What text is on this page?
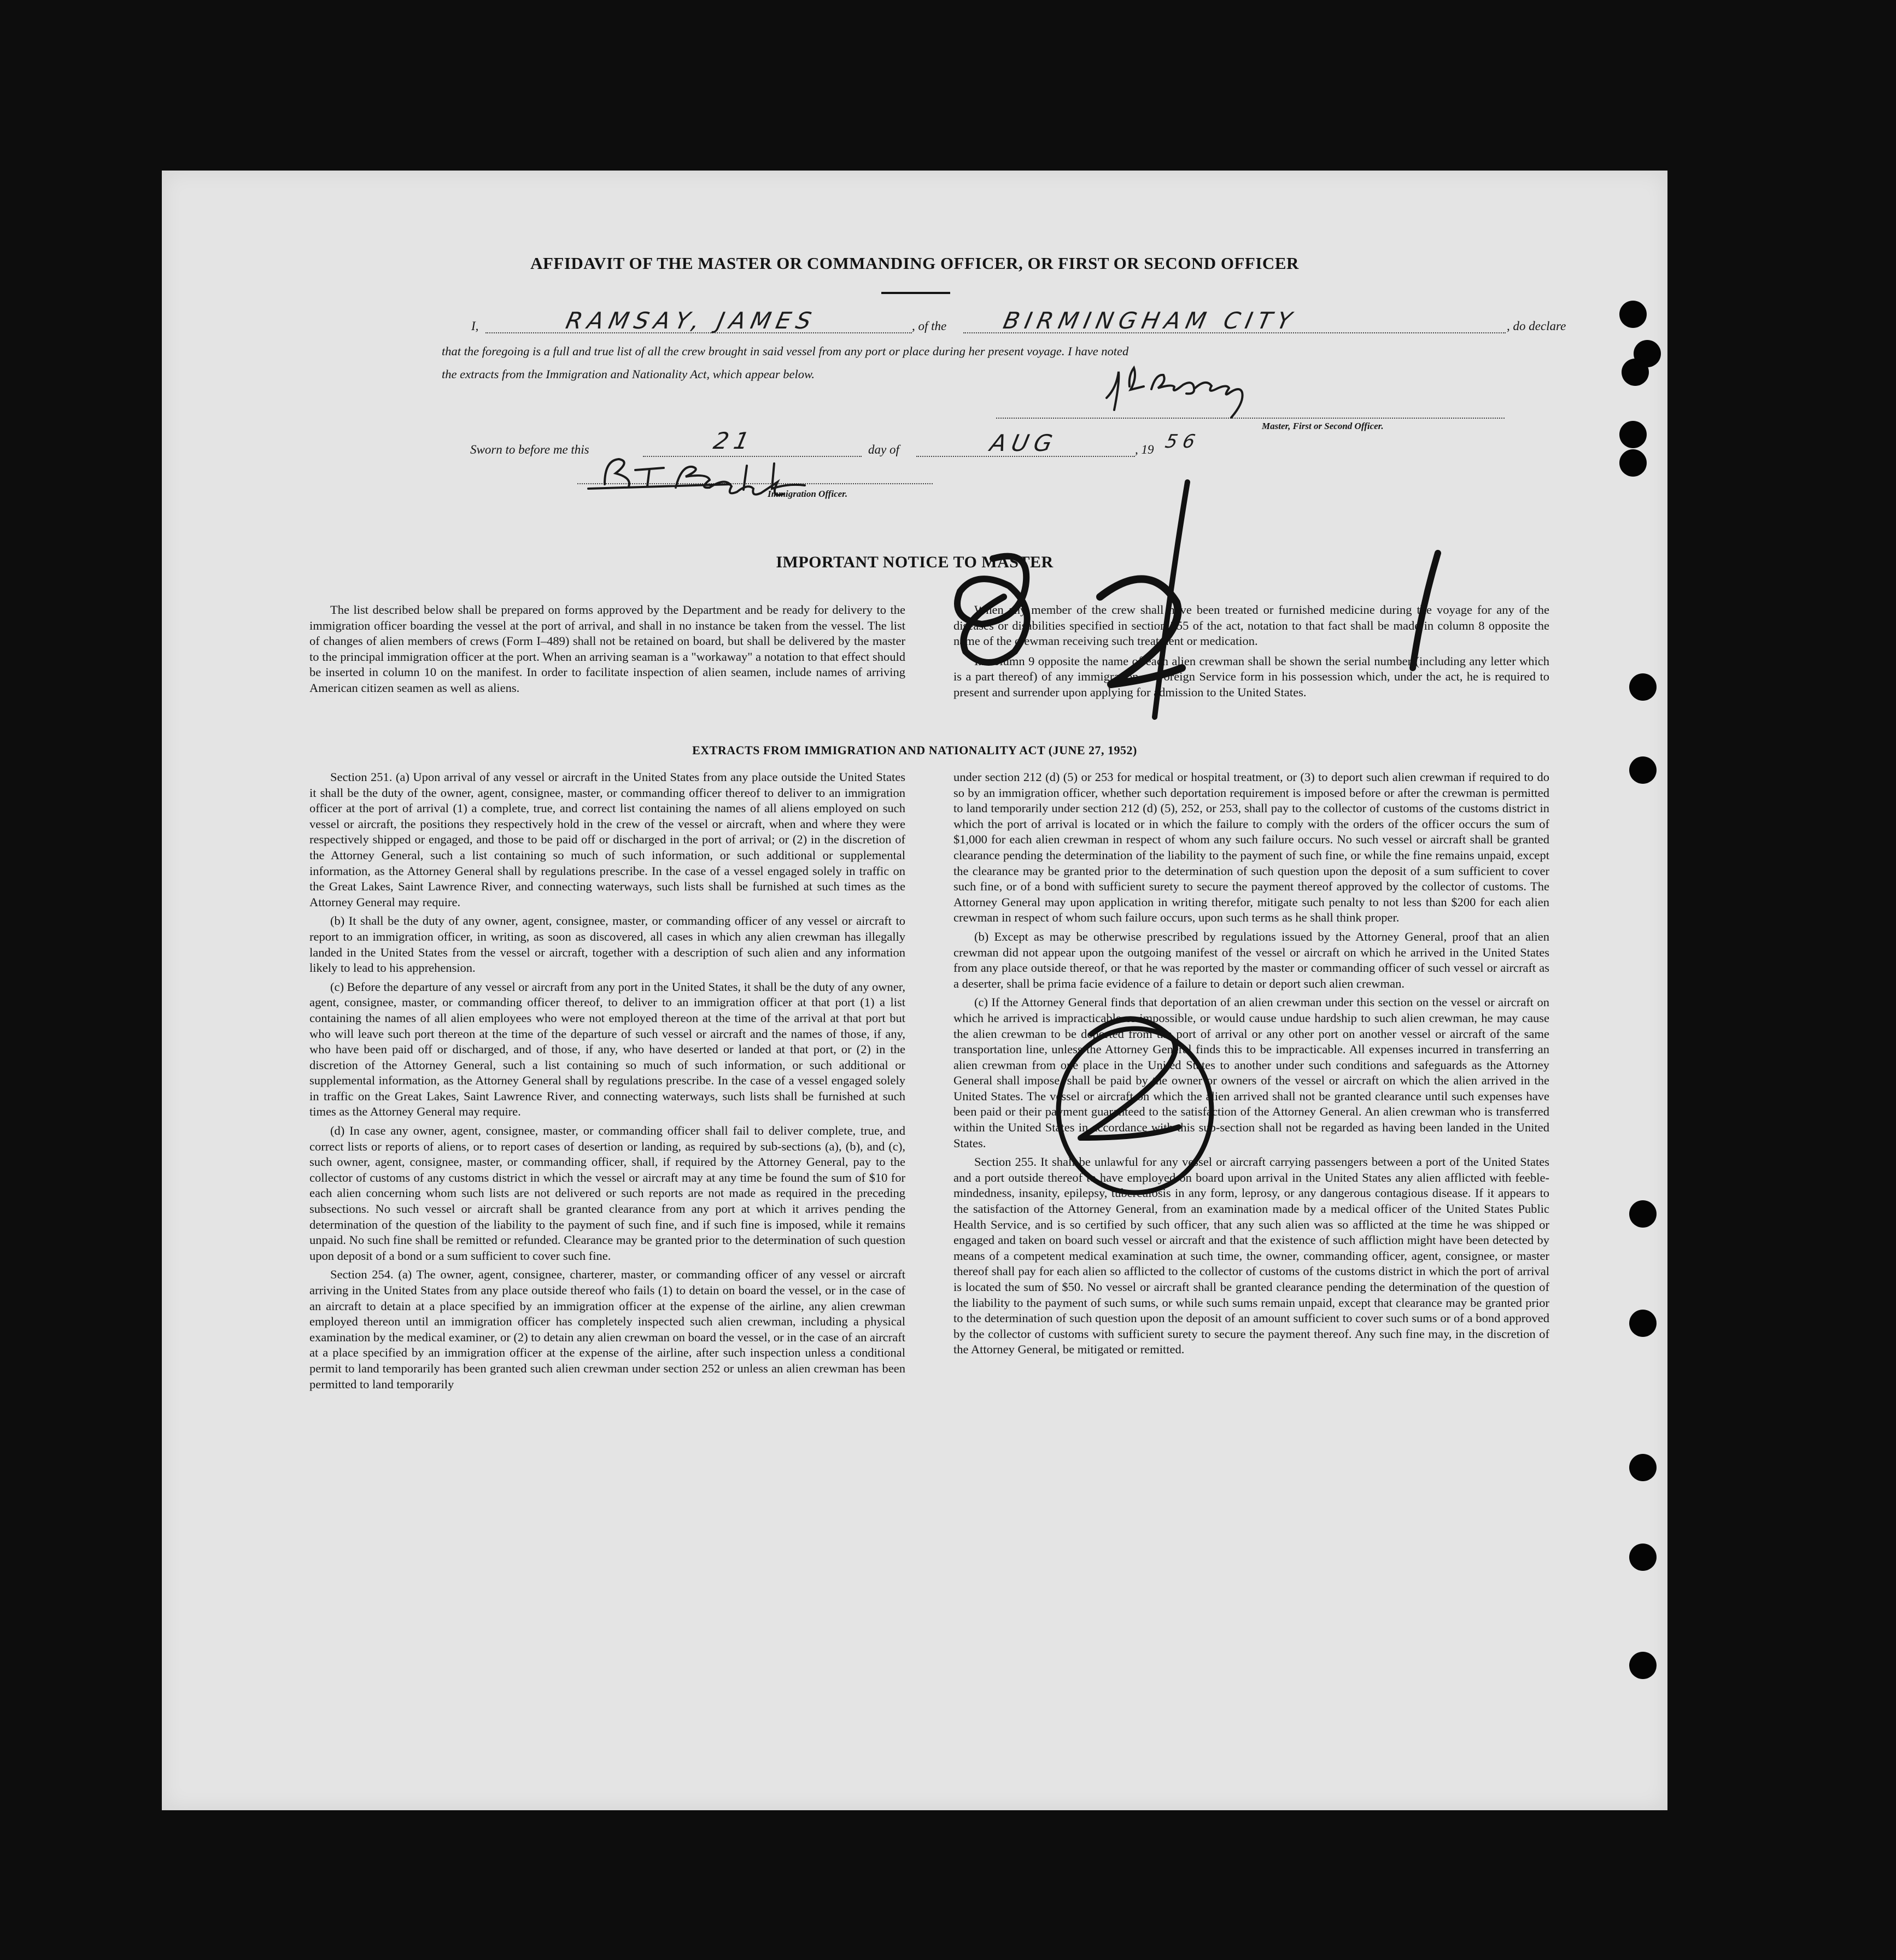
AFFIDAVIT OF THE MASTER OR COMMANDING OFFICER, OR FIRST OR SECOND OFFICER
I,	RAMSAY, JAMES	, of the BIRMINGHAM CITY	, do declare
that the foregoing is a full and true list of all the crew brought in said vessel from any port or place during her present voyage. I have noted
the extracts from the Immigration and Nationality Act, which appear below.
Master, First or Second Officer.
Sworn to before me this	21	day of	AUG	, 19 56
Immigration Officer.
IMPORTANT NOTICE TO MASTER

The list described below shall be prepared on forms approved by the Department and be ready for delivery to the immigration officer boarding the vessel at the port of arrival, and shall in no instance be taken from the vessel. The list of changes of alien members of crews (Form I–489) shall not be retained on board, but shall be delivered by the master to the principal immigration officer at the port. When an arriving seaman is a "workaway" a notation to that effect should be inserted in column 10 on the manifest. In order to facilitate inspection of alien seamen, include names of arriving American citizen seamen as well as aliens.

When any member of the crew shall have been treated or furnished medicine during the voyage for any of the diseases or disabilities specified in section 255 of the act, notation to that fact shall be made in column 8 opposite the name of the crewman receiving such treatment or medication.

In column 9 opposite the name of each alien crewman shall be shown the serial number (including any letter which is a part thereof) of any immigration or Foreign Service form in his possession which, under the act, he is required to present and surrender upon applying for admission to the United States.

EXTRACTS FROM IMMIGRATION AND NATIONALITY ACT (JUNE 27, 1952)

Section 251. (a) Upon arrival of any vessel or aircraft in the United States from any place outside the United States it shall be the duty of the owner, agent, consignee, master, or commanding officer thereof to deliver to an immigration officer at the port of arrival (1) a complete, true, and correct list containing the names of all aliens employed on such vessel or aircraft, the positions they respectively hold in the crew of the vessel or aircraft, when and where they were respectively shipped or engaged, and those to be paid off or discharged in the port of arrival; or (2) in the discretion of the Attorney General, such a list containing so much of such information, or such additional or supplemental information, as the Attorney General shall by regulations prescribe. In the case of a vessel engaged solely in traffic on the Great Lakes, Saint Lawrence River, and connecting waterways, such lists shall be furnished at such times as the Attorney General may require.

(b) It shall be the duty of any owner, agent, consignee, master, or commanding officer of any vessel or aircraft to report to an immigration officer, in writing, as soon as discovered, all cases in which any alien crewman has illegally landed in the United States from the vessel or aircraft, together with a description of such alien and any information likely to lead to his apprehension.

(c) Before the departure of any vessel or aircraft from any port in the United States, it shall be the duty of any owner, agent, consignee, master, or commanding officer thereof, to deliver to an immigration officer at that port (1) a list containing the names of all alien employees who were not employed thereon at the time of the arrival at that port but who will leave such port thereon at the time of the departure of such vessel or aircraft and the names of those, if any, who have been paid off or discharged, and of those, if any, who have deserted or landed at that port, or (2) in the discretion of the Attorney General, such a list containing so much of such information, or such additional or supplemental information, as the Attorney General shall by regulations prescribe. In the case of a vessel engaged solely in traffic on the Great Lakes, Saint Lawrence River, and connecting waterways, such lists shall be furnished at such times as the Attorney General may require.

(d) In case any owner, agent, consignee, master, or commanding officer shall fail to deliver complete, true, and correct lists or reports of aliens, or to report cases of desertion or landing, as required by sub-sections (a), (b), and (c), such owner, agent, consignee, master, or commanding officer, shall, if required by the Attorney General, pay to the collector of customs of any customs district in which the vessel or aircraft may at any time be found the sum of $10 for each alien concerning whom such lists are not delivered or such reports are not made as required in the preceding subsections. No such vessel or aircraft shall be granted clearance from any port at which it arrives pending the determination of the question of the liability to the payment of such fine, and if such fine is imposed, while it remains unpaid. No such fine shall be remitted or refunded. Clearance may be granted prior to the determination of such question upon deposit of a bond or a sum sufficient to cover such fine.

Section 254. (a) The owner, agent, consignee, charterer, master, or commanding officer of any vessel or aircraft arriving in the United States from any place outside thereof who fails (1) to detain on board the vessel, or in the case of an aircraft to detain at a place specified by an immigration officer at the expense of the airline, any alien crewman employed thereon until an immigration officer has completely inspected such alien crewman, including a physical examination by the medical examiner, or (2) to detain any alien crewman on board the vessel, or in the case of an aircraft at a place specified by an immigration officer at the expense of the airline, after such inspection unless a conditional permit to land temporarily has been granted such alien crewman under section 252 or unless an alien crewman has been permitted to land temporarily

under section 212 (d) (5) or 253 for medical or hospital treatment, or (3) to deport such alien crewman if required to do so by an immigration officer, whether such deportation requirement is imposed before or after the crewman is permitted to land temporarily under section 212 (d) (5), 252, or 253, shall pay to the collector of customs of the customs district in which the port of arrival is located or in which the failure to comply with the orders of the officer occurs the sum of $1,000 for each alien crewman in respect of whom any such failure occurs. No such vessel or aircraft shall be granted clearance pending the determination of the liability to the payment of such fine, or while the fine remains unpaid, except the clearance may be granted prior to the determination of such question upon the deposit of a sum sufficient to cover such fine, or of a bond with sufficient surety to secure the payment thereof approved by the collector of customs. The Attorney General may upon application in writing therefor, mitigate such penalty to not less than $200 for each alien crewman in respect of whom such failure occurs, upon such terms as he shall think proper.

(b) Except as may be otherwise prescribed by regulations issued by the Attorney General, proof that an alien crewman did not appear upon the outgoing manifest of the vessel or aircraft on which he arrived in the United States from any place outside thereof, or that he was reported by the master or commanding officer of such vessel or aircraft as a deserter, shall be prima facie evidence of a failure to detain or deport such alien crewman.

(c) If the Attorney General finds that deportation of an alien crewman under this section on the vessel or aircraft on which he arrived is impracticable or impossible, or would cause undue hardship to such alien crewman, he may cause the alien crewman to be deported from the port of arrival or any other port on another vessel or aircraft of the same transportation line, unless the Attorney General finds this to be impracticable. All expenses incurred in transferring an alien crewman from one place in the United States to another under such conditions and safeguards as the Attorney General shall impose, shall be paid by the owner or owners of the vessel or aircraft on which the alien arrived in the United States. The vessel or aircraft on which the alien arrived shall not be granted clearance until such expenses have been paid or their payment guaranteed to the satisfaction of the Attorney General. An alien crewman who is transferred within the United States in accordance with this sub-section shall not be regarded as having been landed in the United States.

Section 255. It shall be unlawful for any vessel or aircraft carrying passengers between a port of the United States and a port outside thereof to have employed on board upon arrival in the United States any alien afflicted with feeble-mindedness, insanity, epilepsy, tuberculosis in any form, leprosy, or any dangerous contagious disease. If it appears to the satisfaction of the Attorney General, from an examination made by a medical officer of the United States Public Health Service, and is so certified by such officer, that any such alien was so afflicted at the time he was shipped or engaged and taken on board such vessel or aircraft and that the existence of such affliction might have been detected by means of a competent medical examination at such time, the owner, commanding officer, agent, consignee, or master thereof shall pay for each alien so afflicted to the collector of customs of the customs district in which the port of arrival is located the sum of $50. No vessel or aircraft shall be granted clearance pending the determination of the question of the liability to the payment of such sums, or while such sums remain unpaid, except that clearance may be granted prior to the determination of such question upon the deposit of an amount sufficient to cover such sums or of a bond approved by the collector of customs with sufficient surety to secure the payment thereof. Any such fine may, in the discretion of the Attorney General, be mitigated or remitted.
